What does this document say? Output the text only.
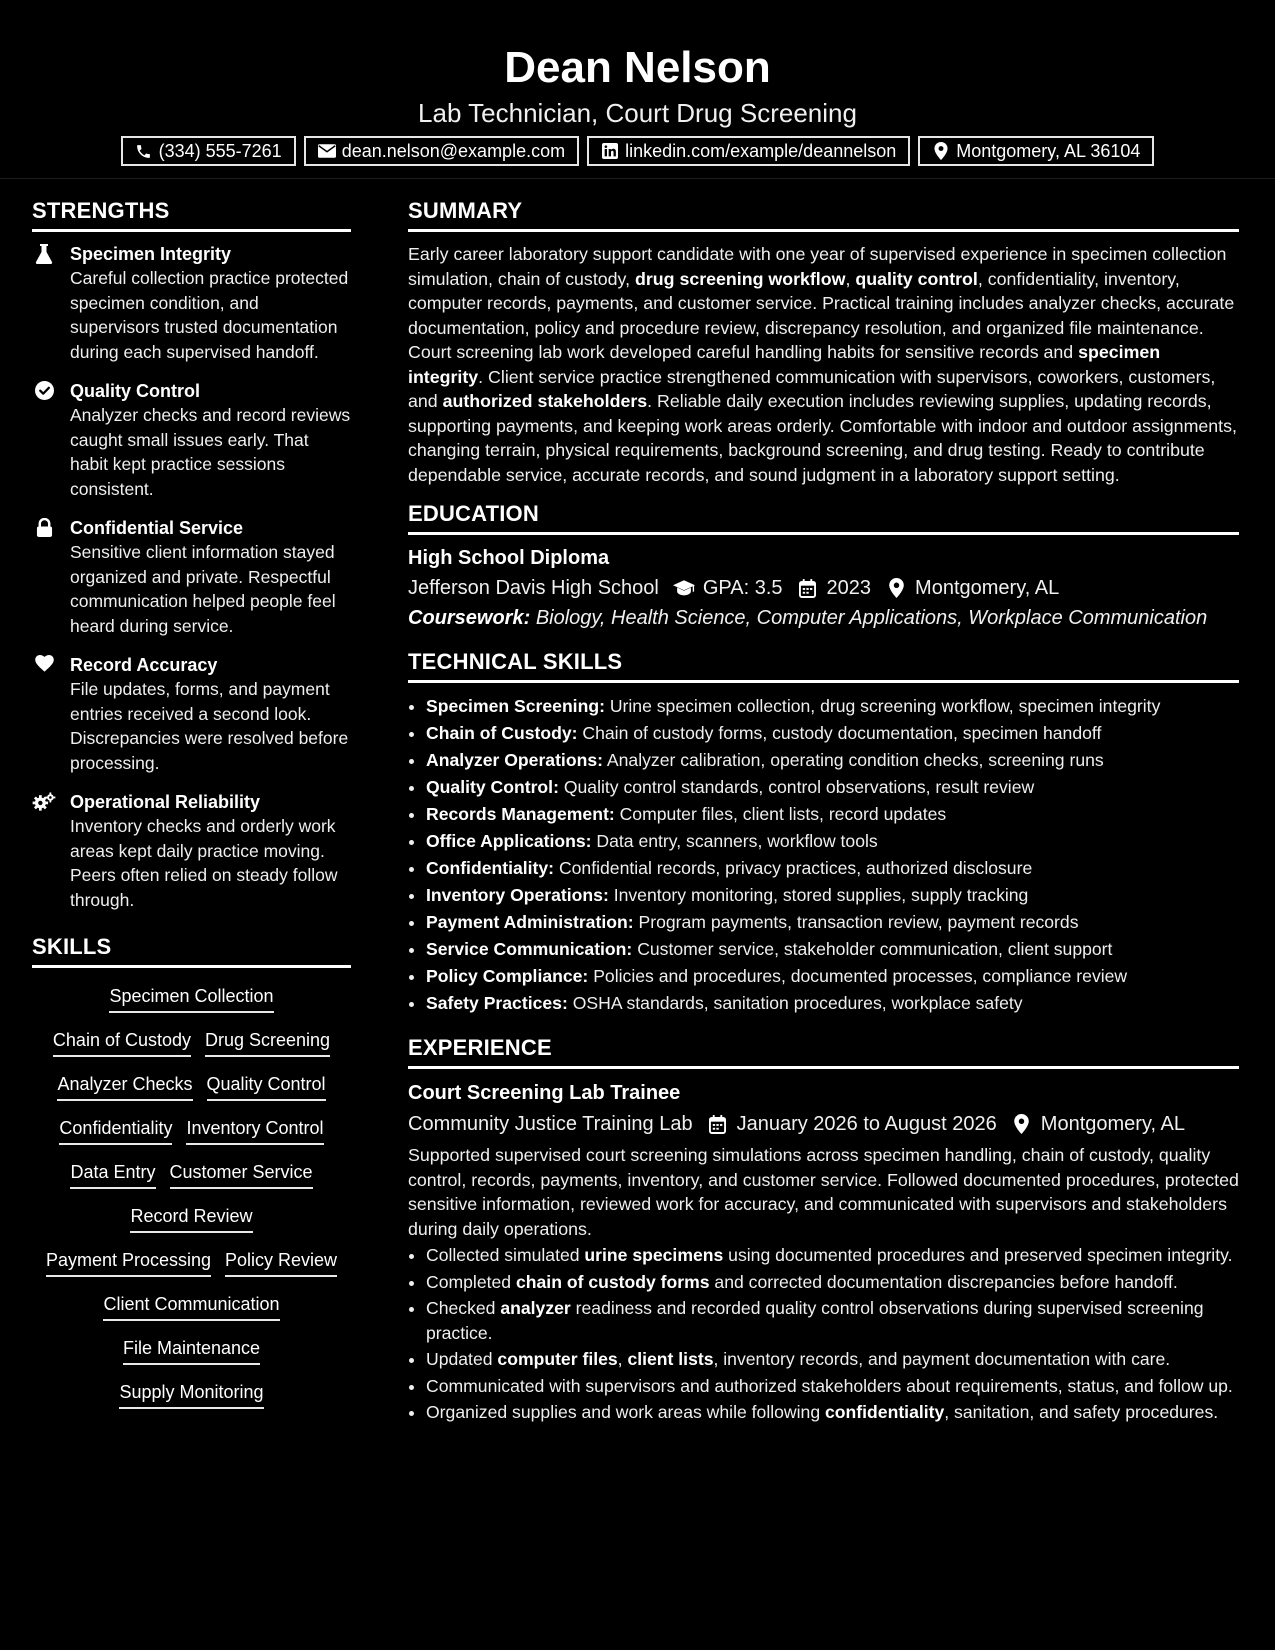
Dean Nelson
Lab Technician, Court Drug Screening
(334) 555-7261	dean.nelson@example.com	linkedin.com/example/deannelson	Montgomery, AL 36104
STRENGTHS
Specimen Integrity
Careful collection practice protected specimen condition, and supervisors trusted documentation during each supervised handoff.
Quality Control
Analyzer checks and record reviews caught small issues early. That habit kept practice sessions consistent.
Confidential Service
Sensitive client information stayed organized and private. Respectful communication helped people feel heard during service.
Record Accuracy
File updates, forms, and payment entries received a second look. Discrepancies were resolved before processing.
Operational Reliability
Inventory checks and orderly work areas kept daily practice moving. Peers often relied on steady follow through.
SKILLS
Specimen Collection
Chain of Custody Drug Screening
Analyzer Checks Quality Control
Confidentiality Inventory Control
Data Entry Customer Service
Record Review
Payment Processing Policy Review
Client Communication
File Maintenance
Supply Monitoring
SUMMARY

Early career laboratory support candidate with one year of supervised experience in specimen collection simulation, chain of custody, drug screening workflow, quality control, confidentiality, inventory, computer records, payments, and customer service. Practical training includes analyzer checks, accurate documentation, policy and procedure review, discrepancy resolution, and organized file maintenance. Court screening lab work developed careful handling habits for sensitive records and specimen integrity. Client service practice strengthened communication with supervisors, coworkers, customers, and authorized stakeholders. Reliable daily execution includes reviewing supplies, updating records, supporting payments, and keeping work areas orderly. Comfortable with indoor and outdoor assignments, changing terrain, physical requirements, background screening, and drug testing. Ready to contribute dependable service, accurate records, and sound judgment in a laboratory support setting.

EDUCATION
High School Diploma
Jefferson Davis High School GPA: 3.5 2023 Montgomery, AL
Coursework: Biology, Health Science, Computer Applications, Workplace Communication
TECHNICAL SKILLS
• Specimen Screening: Urine specimen collection, drug screening workflow, specimen integrity
• Chain of Custody: Chain of custody forms, custody documentation, specimen handoff
• Analyzer Operations: Analyzer calibration, operating condition checks, screening runs
• Quality Control: Quality control standards, control observations, result review
• Records Management: Computer files, client lists, record updates
• Office Applications: Data entry, scanners, workflow tools
• Confidentiality: Confidential records, privacy practices, authorized disclosure
• Inventory Operations: Inventory monitoring, stored supplies, supply tracking
• Payment Administration: Program payments, transaction review, payment records
• Service Communication: Customer service, stakeholder communication, client support
• Policy Compliance: Policies and procedures, documented processes, compliance review
• Safety Practices: OSHA standards, sanitation procedures, workplace safety
EXPERIENCE
Court Screening Lab Trainee
Community Justice Training Lab January 2026 to August 2026 Montgomery, AL
Supported supervised court screening simulations across specimen handling, chain of custody, quality control, records, payments, inventory, and customer service. Followed documented procedures, protected sensitive information, reviewed work for accuracy, and communicated with supervisors and stakeholders during daily operations.
• Collected simulated urine specimens using documented procedures and preserved specimen integrity.
• Completed chain of custody forms and corrected documentation discrepancies before handoff.
• Checked analyzer readiness and recorded quality control observations during supervised screening practice.
• Updated computer files, client lists, inventory records, and payment documentation with care.
• Communicated with supervisors and authorized stakeholders about requirements, status, and follow up.
• Organized supplies and work areas while following confidentiality, sanitation, and safety procedures.
